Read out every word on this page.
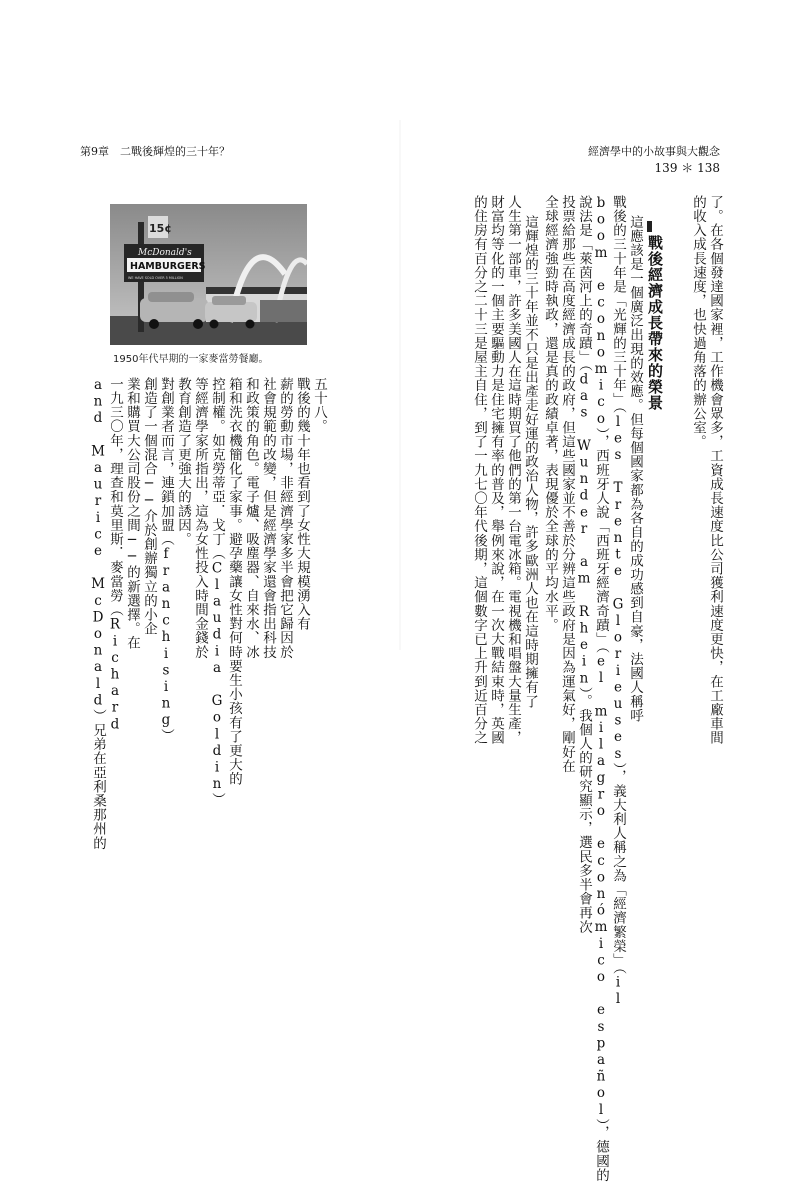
第9章　二戰後輝煌的三十年？
15¢
McDonald's
HAMBURGERS
WE HAVE SOLD OVER 5 MILLION
1950年代早期的一家麥當勞餐廳。
五十八。
戰後的幾十年也看到了女性大規模湧入有
薪的勞動市場，非經濟學家多半會把它歸因於
社會規範的改變，但是經濟學家還會指出科技
和政策的角色。電子爐、吸塵器、自來水、冰
箱和洗衣機簡化了家事。避孕藥讓女性對何時要生小孩有了更大的
控制權。如克勞蒂亞．戈丁（Claudia Goldin）
等經濟學家所指出，這為女性投入時間金錢於
教育創造了更強大的誘因。
對創業者而言，連鎖加盟（franchising）
創造了一個混合──介於創辦獨立的小企
業和購買大公司股份之間──的新選擇。在
一九三〇年，理查和莫里斯．麥當勞（Richard
and Maurice McDonald）兄弟在亞利桑那州的
經濟學中的小故事與大觀念
139 ＊ 138
了。在各個發達國家裡，工作機會眾多，工資成長速度比公司獲利速度更快，在工廠車間
的收入成長速度，也快過角落的辦公室。
戰後經濟成長帶來的榮景
這應該是一個廣泛出現的效應。但每個國家都為各自的成功感到自豪，法國人稱呼
戰後的三十年是「光輝的三十年」（les Trente Glorieuses），義大利人稱之為「經濟繁榮」（il
boom economico），西班牙人說「西班牙經濟奇蹟」（el milagro económico español），德國的
說法是「萊茵河上的奇蹟」（das Wunder am Rhein）。我個人的研究顯示，選民多半會再次
投票給那些在高度經濟成長的政府，但這些國家並不善於分辨這些政府是因為運氣好，剛好在
全球經濟強勁時執政，還是真的政績卓著，表現優於全球的平均水平。
這輝煌的三十年並不只是出產走好運的政治人物，許多歐洲人也在這時期擁有了
人生第一部車，許多美國人在這時期買了他們的第一台電冰箱。電視機和唱盤大量生產，
財富均等化的一個主要驅動力是住宅擁有率的普及，舉例來說，在一次大戰結束時，英國
的住房有百分之二十三是屋主自住，到了一九七〇年代後期，這個數字已上升到近百分之
